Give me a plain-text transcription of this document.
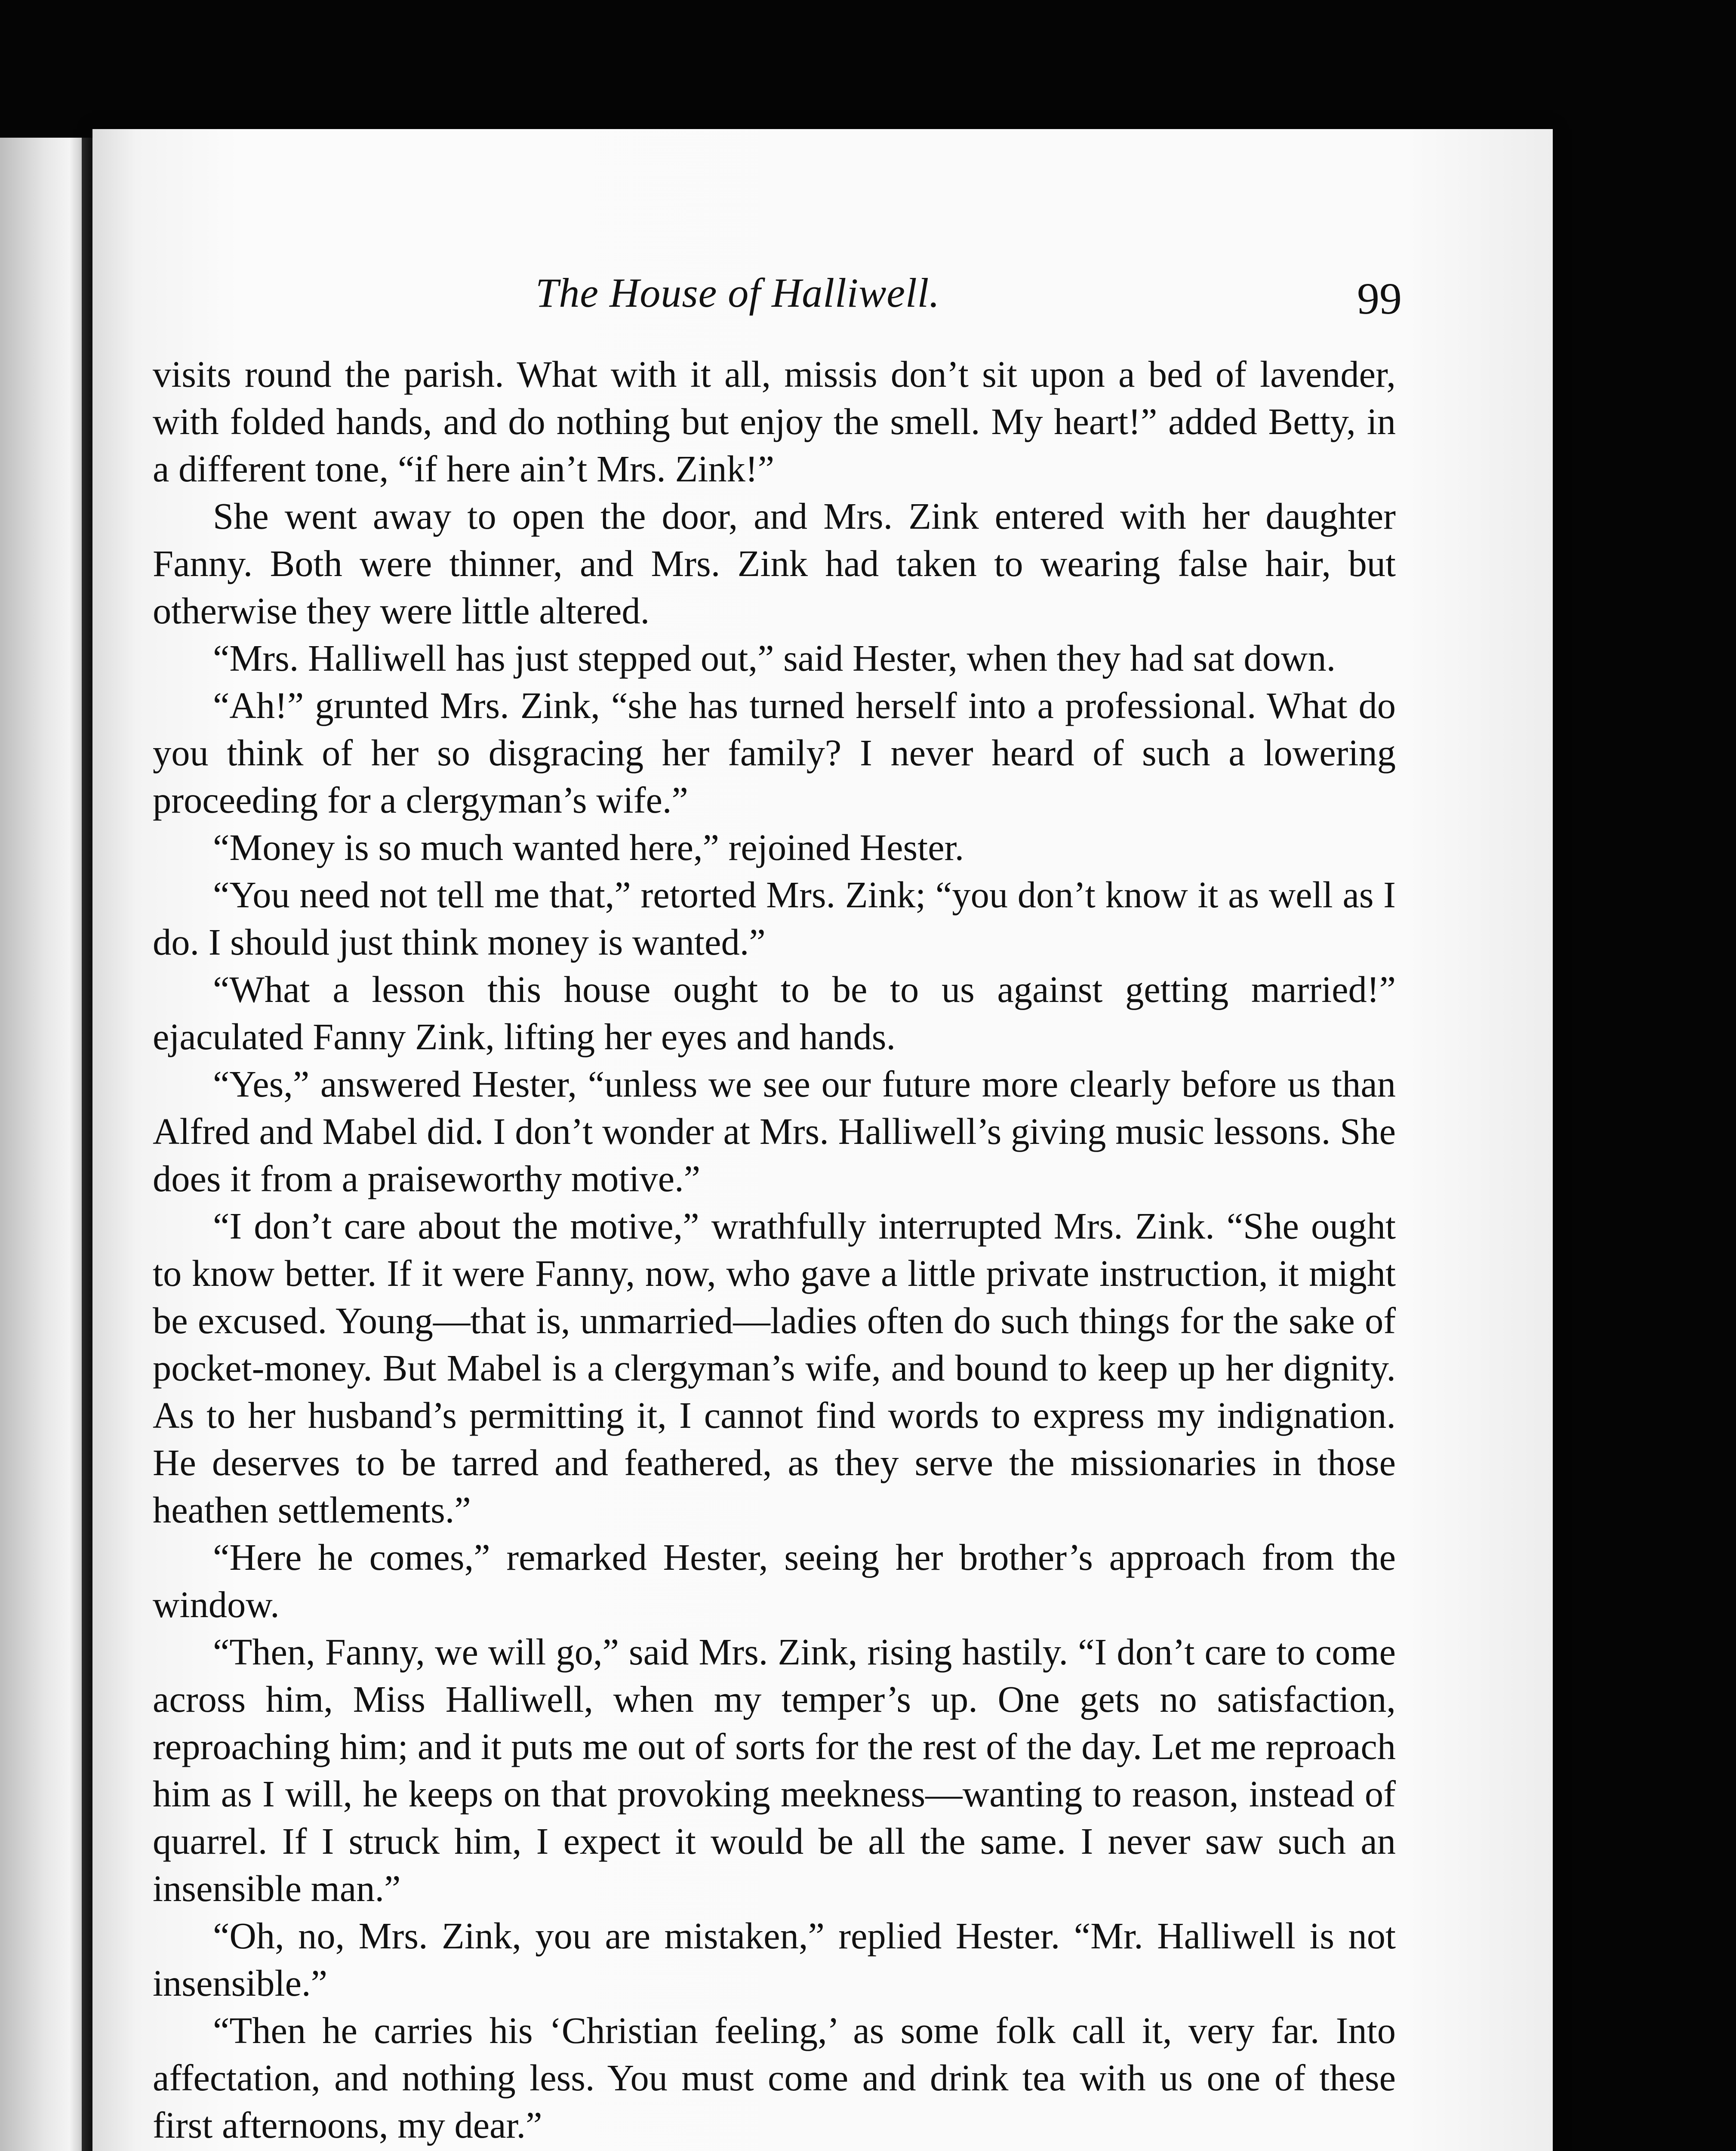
The House of Halliwell.	99

visits round the parish. What with it all, missis don’t sit upon a bed of lavender, with folded hands, and do nothing but enjoy the smell. My heart!” added Betty, in a different tone, “if here ain’t Mrs. Zink!”

She went away to open the door, and Mrs. Zink entered with her daughter Fanny. Both were thinner, and Mrs. Zink had taken to wearing false hair, but otherwise they were little altered.

“Mrs. Halliwell has just stepped out,” said Hester, when they had sat down.

“Ah!” grunted Mrs. Zink, “she has turned herself into a professional. What do you think of her so disgracing her family? I never heard of such a lowering proceeding for a clergyman’s wife.”

“Money is so much wanted here,” rejoined Hester.

“You need not tell me that,” retorted Mrs. Zink; “you don’t know it as well as I do. I should just think money is wanted.”

“What a lesson this house ought to be to us against getting married!” ejaculated Fanny Zink, lifting her eyes and hands.

“Yes,” answered Hester, “unless we see our future more clearly before us than Alfred and Mabel did. I don’t wonder at Mrs. Halliwell’s giving music lessons. She does it from a praiseworthy motive.”

“I don’t care about the motive,” wrathfully interrupted Mrs. Zink. “She ought to know better. If it were Fanny, now, who gave a little private instruction, it might be excused. Young—that is, unmarried—ladies often do such things for the sake of pocket-money. But Mabel is a clergyman’s wife, and bound to keep up her dignity. As to her husband’s permitting it, I cannot find words to express my indignation. He deserves to be tarred and feathered, as they serve the missionaries in those heathen settlements.”

“Here he comes,” remarked Hester, seeing her brother’s approach from the window.

“Then, Fanny, we will go,” said Mrs. Zink, rising hastily. “I don’t care to come across him, Miss Halliwell, when my temper’s up. One gets no satisfaction, reproaching him; and it puts me out of sorts for the rest of the day. Let me reproach him as I will, he keeps on that provoking meekness—wanting to reason, instead of quarrel. If I struck him, I expect it would be all the same. I never saw such an insensible man.”

“Oh, no, Mrs. Zink, you are mistaken,” replied Hester. “Mr. Halliwell is not insensible.”

“Then he carries his ‘Christian feeling,’ as some folk call it, very far. Into affectation, and nothing less. You must come and drink tea with us one of these first afternoons, my dear.”
